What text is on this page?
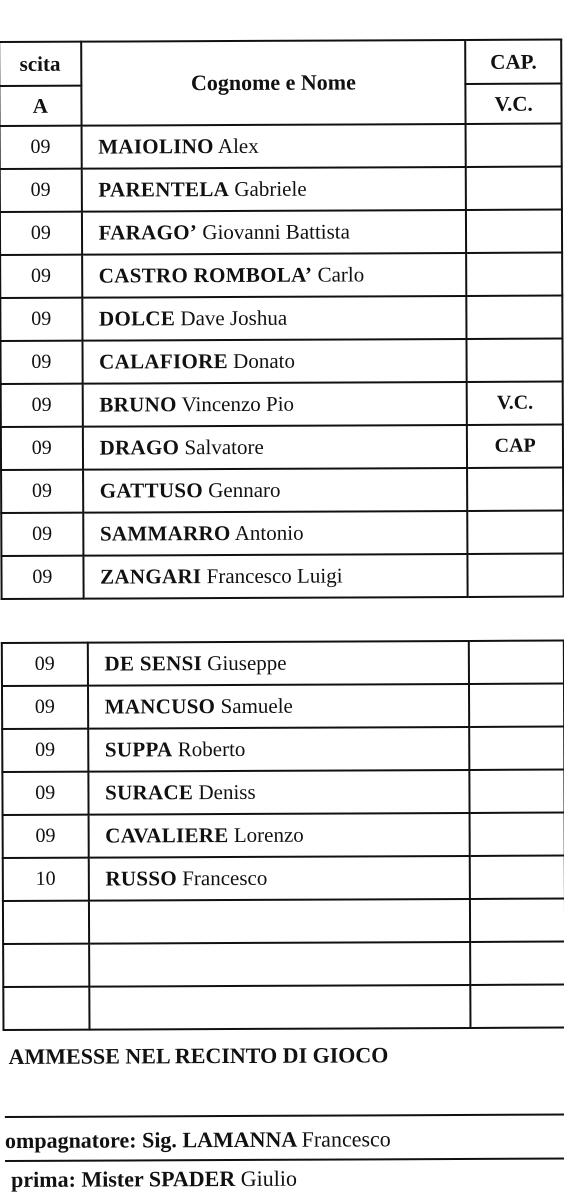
scita	Cognome e Nome	CAP.
A		V.C.
09	MAIOLINO Alex	
09	PARENTELA Gabriele	
09	FARAGO’ Giovanni Battista	
09	CASTRO ROMBOLA’ Carlo	
09	DOLCE Dave Joshua	
09	CALAFIORE Donato	
09	BRUNO Vincenzo Pio	V.C.
09	DRAGO Salvatore	CAP
09	GATTUSO Gennaro	
09	SAMMARRO Antonio	
09	ZANGARI Francesco Luigi	
09	DE SENSI Giuseppe	
09	MANCUSO Samuele	
09	SUPPA Roberto	
09	SURACE Deniss	
09	CAVALIERE Lorenzo	
10	RUSSO Francesco	

AMMESSE NEL RECINTO DI GIOCO
ompagnatore: Sig. LAMANNA Francesco
prima: Mister SPADER Giulio
